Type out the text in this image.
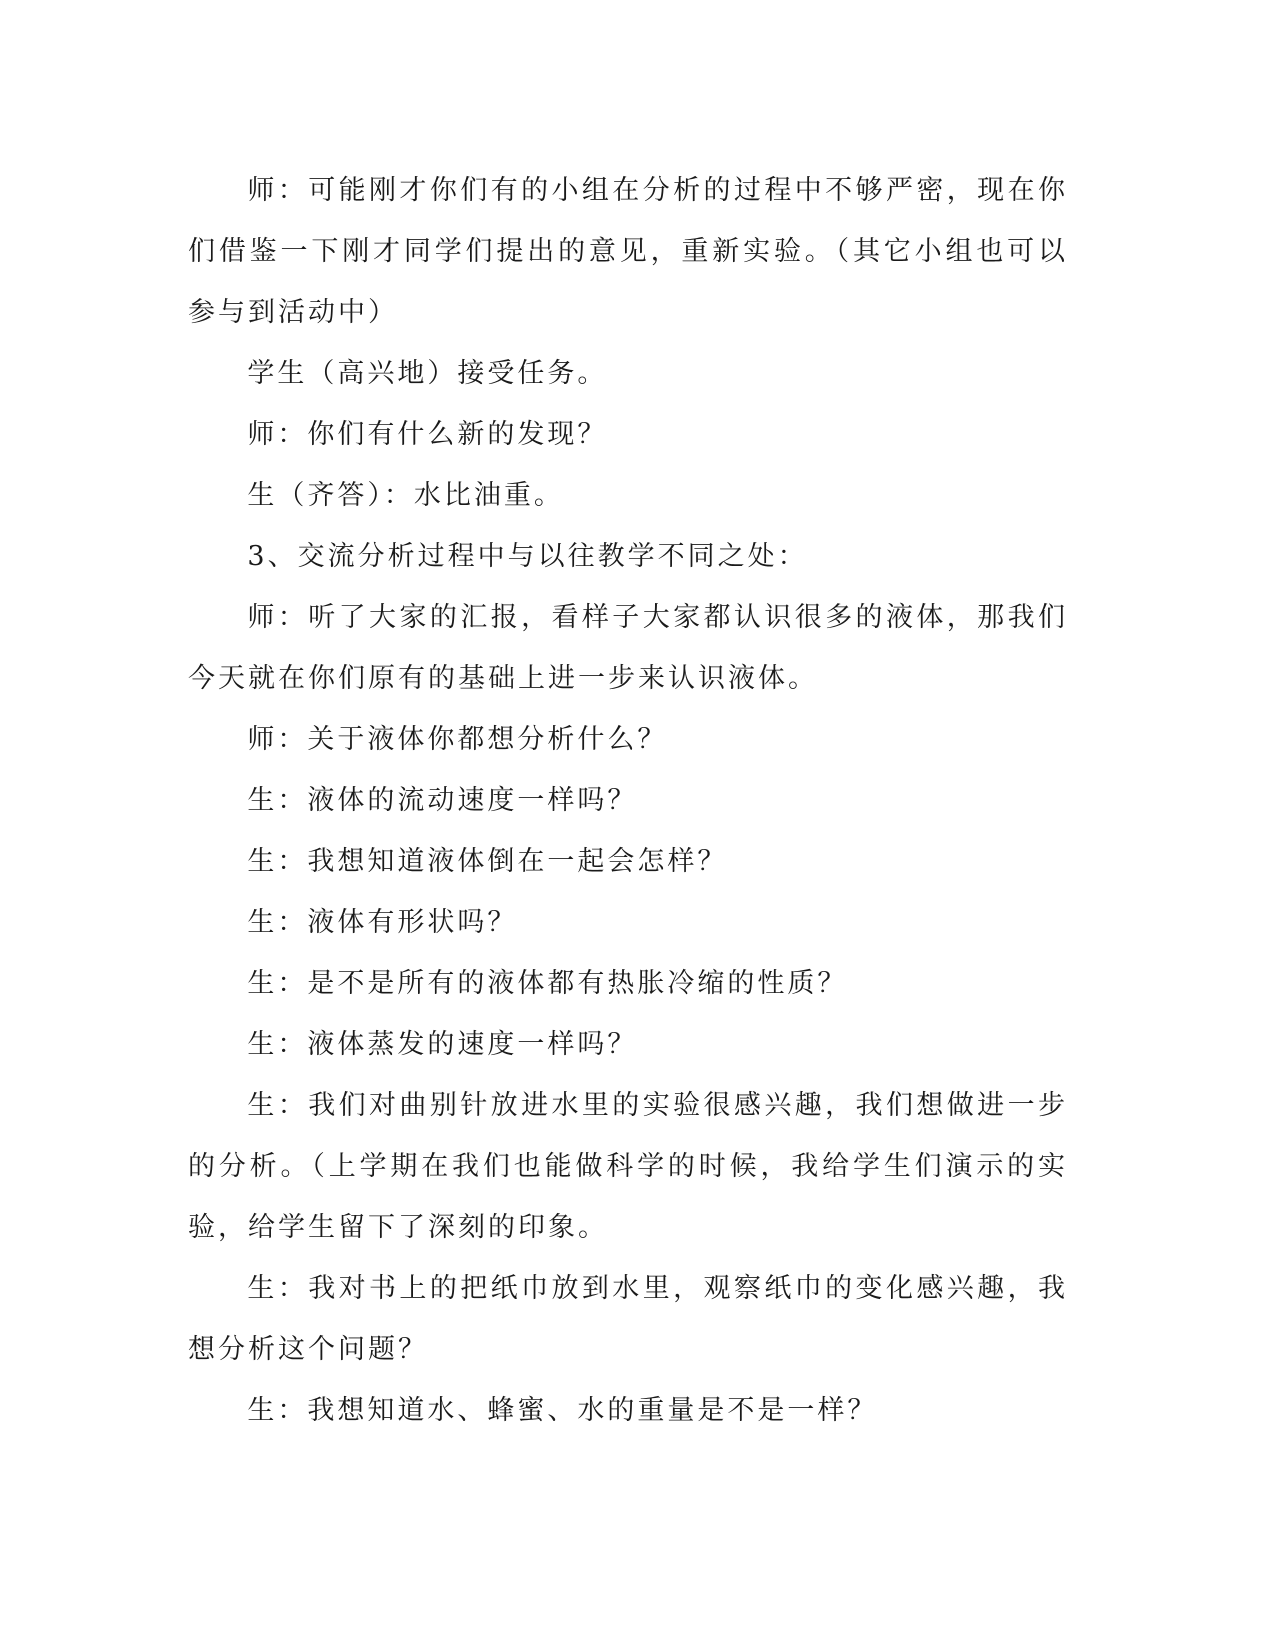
师：可能刚才你们有的小组在分析的过程中不够严密，现在你们借鉴一下刚才同学们提出的意见，重新实验。（其它小组也可以参与到活动中）

学生（高兴地）接受任务。

师：你们有什么新的发现？

生（齐答）：水比油重。

3、交流分析过程中与以往教学不同之处：

师：听了大家的汇报，看样子大家都认识很多的液体，那我们今天就在你们原有的基础上进一步来认识液体。

师：关于液体你都想分析什么？

生：液体的流动速度一样吗？

生：我想知道液体倒在一起会怎样？

生：液体有形状吗？

生：是不是所有的液体都有热胀冷缩的性质？

生：液体蒸发的速度一样吗？

生：我们对曲别针放进水里的实验很感兴趣，我们想做进一步的分析。（上学期在我们也能做科学的时候，我给学生们演示的实验，给学生留下了深刻的印象。

生：我对书上的把纸巾放到水里，观察纸巾的变化感兴趣，我想分析这个问题？

生：我想知道水、蜂蜜、水的重量是不是一样？
